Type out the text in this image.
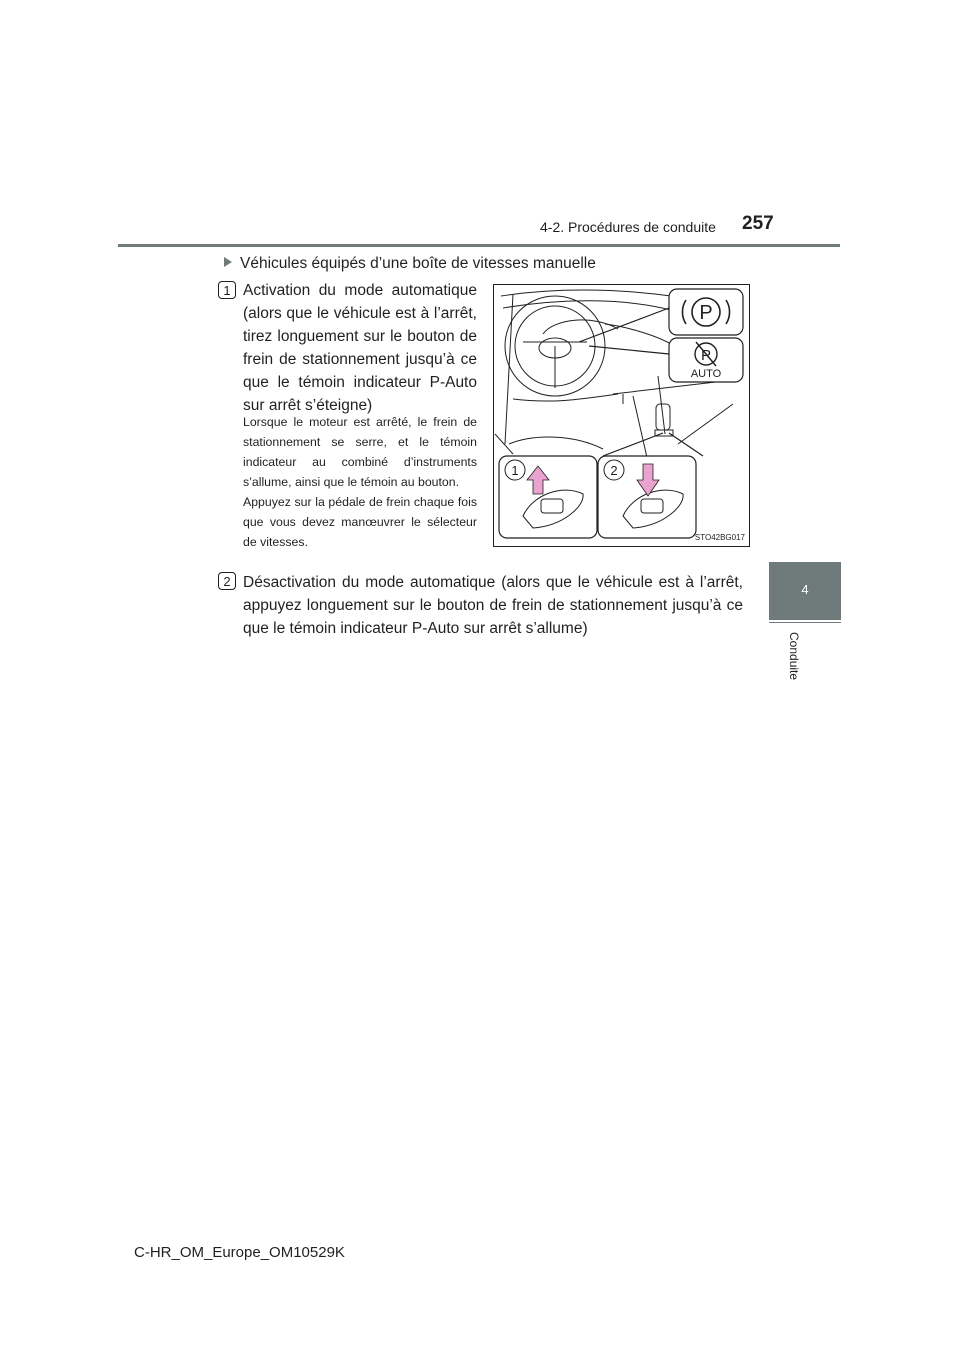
4-2. Procédures de conduite 257
4
Conduite
Véhicules équipés d’une boîte de vitesses manuelle
1 Activation du mode automatique (alors que le véhicule est à l’arrêt, tirez longuement sur le bouton de frein de stationnement jusqu’à ce que le témoin indicateur P-Auto sur arrêt s’éteigne)

Lorsque le moteur est arrêté, le frein de stationnement se serre, et le témoin indicateur au combiné d’instruments s’allume, ainsi que le témoin au bouton.

Appuyez sur la pédale de frein chaque fois que vous devez manœuvrer le sélecteur de vitesses.

2 Désactivation du mode automatique (alors que le véhicule est à l’arrêt, appuyez longuement sur le bouton de frein de stationnement jusqu’à ce que le témoin indicateur P-Auto sur arrêt s’allume)
P
P
AUTO
1	2
STO42BG017
C-HR_OM_Europe_OM10529K
